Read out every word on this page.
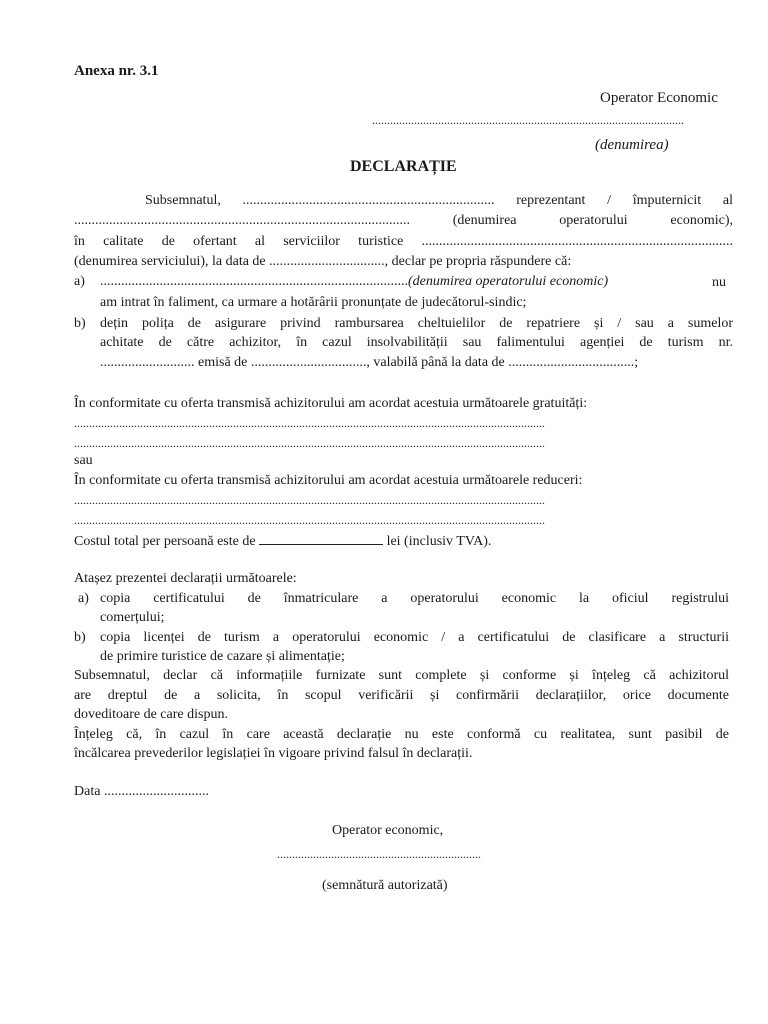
Anexa nr. 3.1
Operator Economic
........................................................................................................
(denumirea)
DECLARAȚIE
Subsemnatul, ........................................................................ reprezentant / împuternicit al
................................................................................................ (denumirea operatorului economic),
în calitate de ofertant al serviciilor turistice .........................................................................................
(denumirea serviciului), la data de ................................., declar pe propria răspundere că:
a) ........................................................................................(denumirea operatorului economic)	nu
am intrat în faliment, ca urmare a hotărârii pronunțate de judecătorul-sindic;
b) dețin polița de asigurare privind rambursarea cheltuielilor de repatriere și / sau a sumelor
achitate de către achizitor, în cazul insolvabilității sau falimentului agenției de turism nr.
........................... emisă de ................................., valabilă până la data de ....................................;
În conformitate cu oferta transmisă achizitorului am acordat acestuia următoarele gratuități:
.............................................................................................................................................................
.............................................................................................................................................................
sau
În conformitate cu oferta transmisă achizitorului am acordat acestuia următoarele reduceri:
.............................................................................................................................................................
.............................................................................................................................................................
Costul total per persoană este de	lei (inclusiv TVA).
Atașez prezentei declarații următoarele:
a) copia certificatului de înmatriculare a operatorului economic la oficiul registrului
comerțului;
b) copia licenței de turism a operatorului economic / a certificatului de clasificare a structurii
de primire turistice de cazare și alimentație;
Subsemnatul, declar că informațiile furnizate sunt complete și conforme și înțeleg că achizitorul
are dreptul de a solicita, în scopul verificării și confirmării declarațiilor, orice documente
doveditoare de care dispun.
Înțeleg că, în cazul în care această declarație nu este conformă cu realitatea, sunt pasibil de
încălcarea prevederilor legislației în vigoare privind falsul în declarații.
Data ..............................
Operator economic,
....................................................................
(semnătură autorizată)
